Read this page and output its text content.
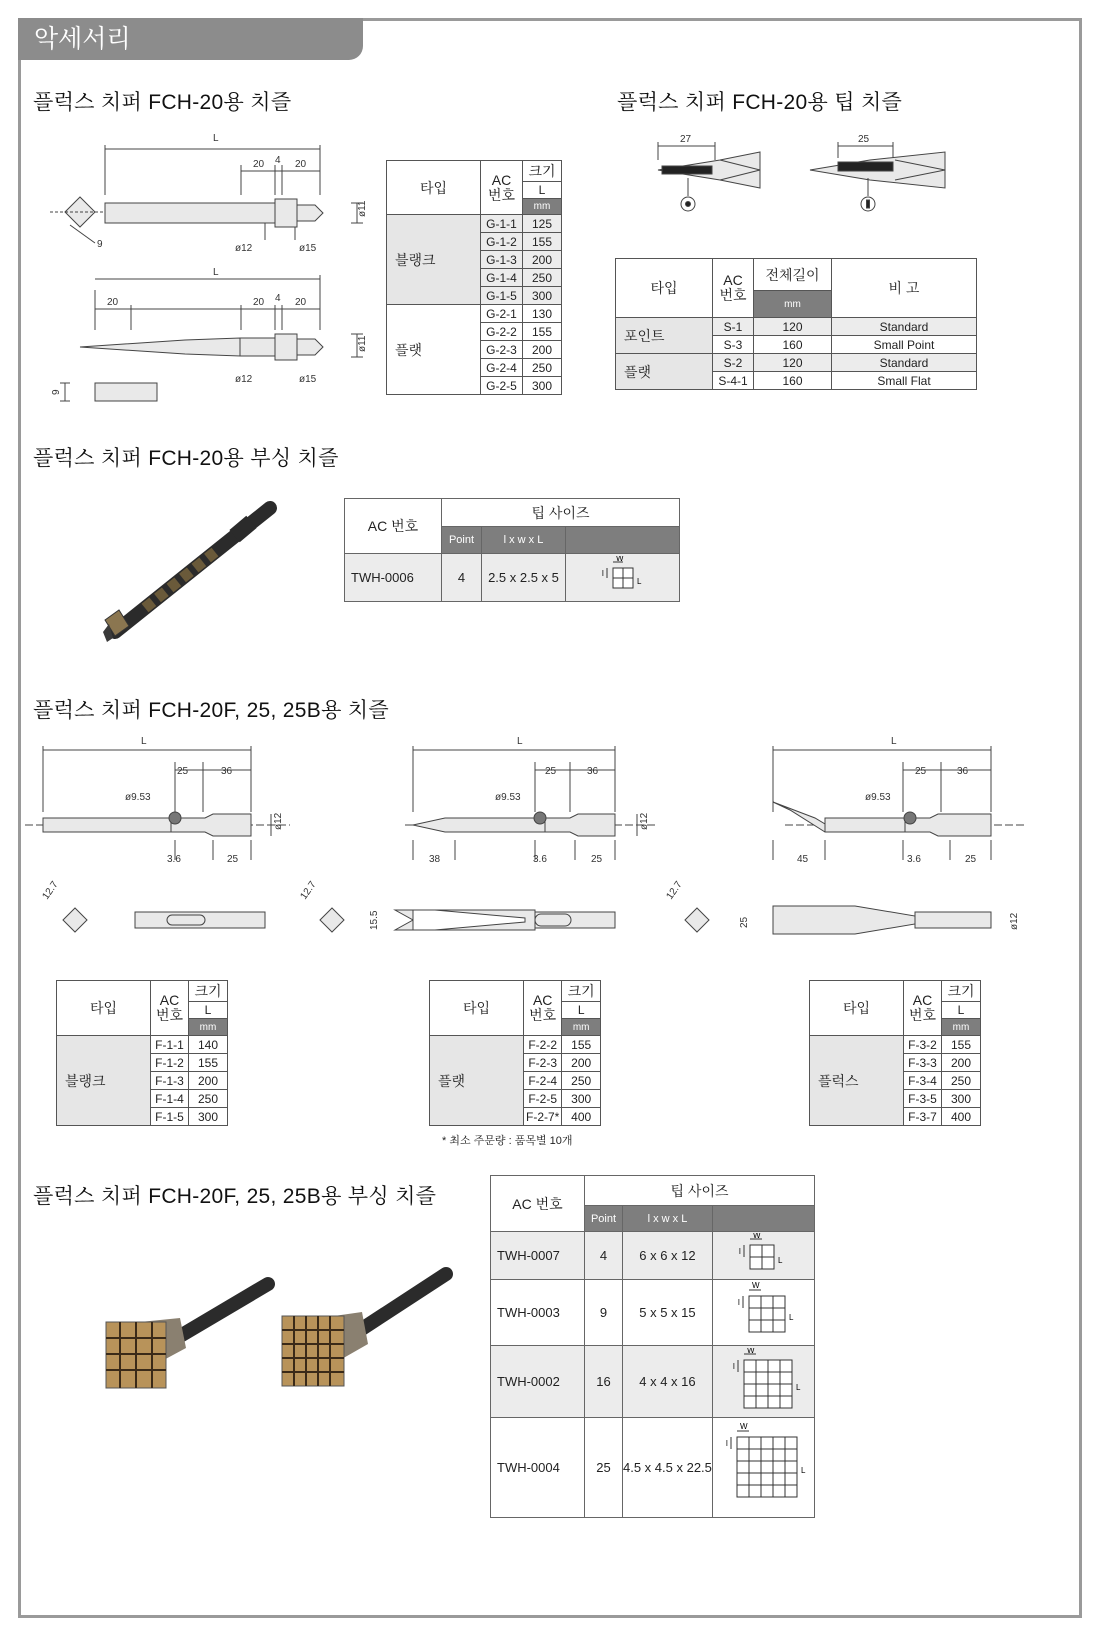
악세서리
플럭스 치퍼 FCH-20용 치즐	플럭스 치퍼 FCH-20용 팁 치즐
플럭스 치퍼 FCH-20용 부싱 치즐
플럭스 치퍼 FCH-20F, 25, 25B용 치즐
플럭스 치퍼 FCH-20F, 25, 25B용 부싱 치즐
L
20 4 20
ø12	ø15
ø11
9
L
20	20 4 20
ø12	ø15
ø11
9
타입	AC
번호	크기
		L
		mm
블랭크	G-1-1	125
	G-1-2	155
	G-1-3	200
	G-1-4	250
	G-1-5	300
플랫	G-2-1	130
	G-2-2	155
	G-2-3	200
	G-2-4	250
	G-2-5	300
27	25
타입	AC
번호	전체길이	비 고
		mm	
포인트	S-1	120	Standard
	S-3	160	Small Point
플랫	S-2	120	Standard
	S-4-1	160	Small Flat
AC 번호	팁 사이즈		
	Point	l x w x L	
TWH-0006	4	2.5 x 2.5 x 5	W
l
L
L
25	36
ø9.53
3.6	25
ø12
L
25	36
ø9.53
38	3.6	25
ø12
L
25	36
ø9.53
45	3.6	25
12.7	12.7
15.5
12.7
25	ø12
타입	AC
번호	크기
		L
		mm
블랭크	F-1-1	140
	F-1-2	155
	F-1-3	200
	F-1-4	250
	F-1-5	300
타입	AC
번호	크기
		L
		mm
플랫	F-2-2	155
	F-2-3	200
	F-2-4	250
	F-2-5	300
	F-2-7*	400
* 최소 주문량 : 품목별 10개
타입	AC
번호	크기
		L
		mm
플럭스	F-3-2	155
	F-3-3	200
	F-3-4	250
	F-3-5	300
	F-3-7	400
AC 번호	팁 사이즈		
	Point	l x w x L	
TWH-0007	4	6 x 6 x 12	W
l
L

TWH-0003	9	5 x 5 x 15	W
l
L

TWH-0002	16	4 x 4 x 16	W
l
L

TWH-0004	25	4.5 x 4.5 x 22.5	W
l
L
